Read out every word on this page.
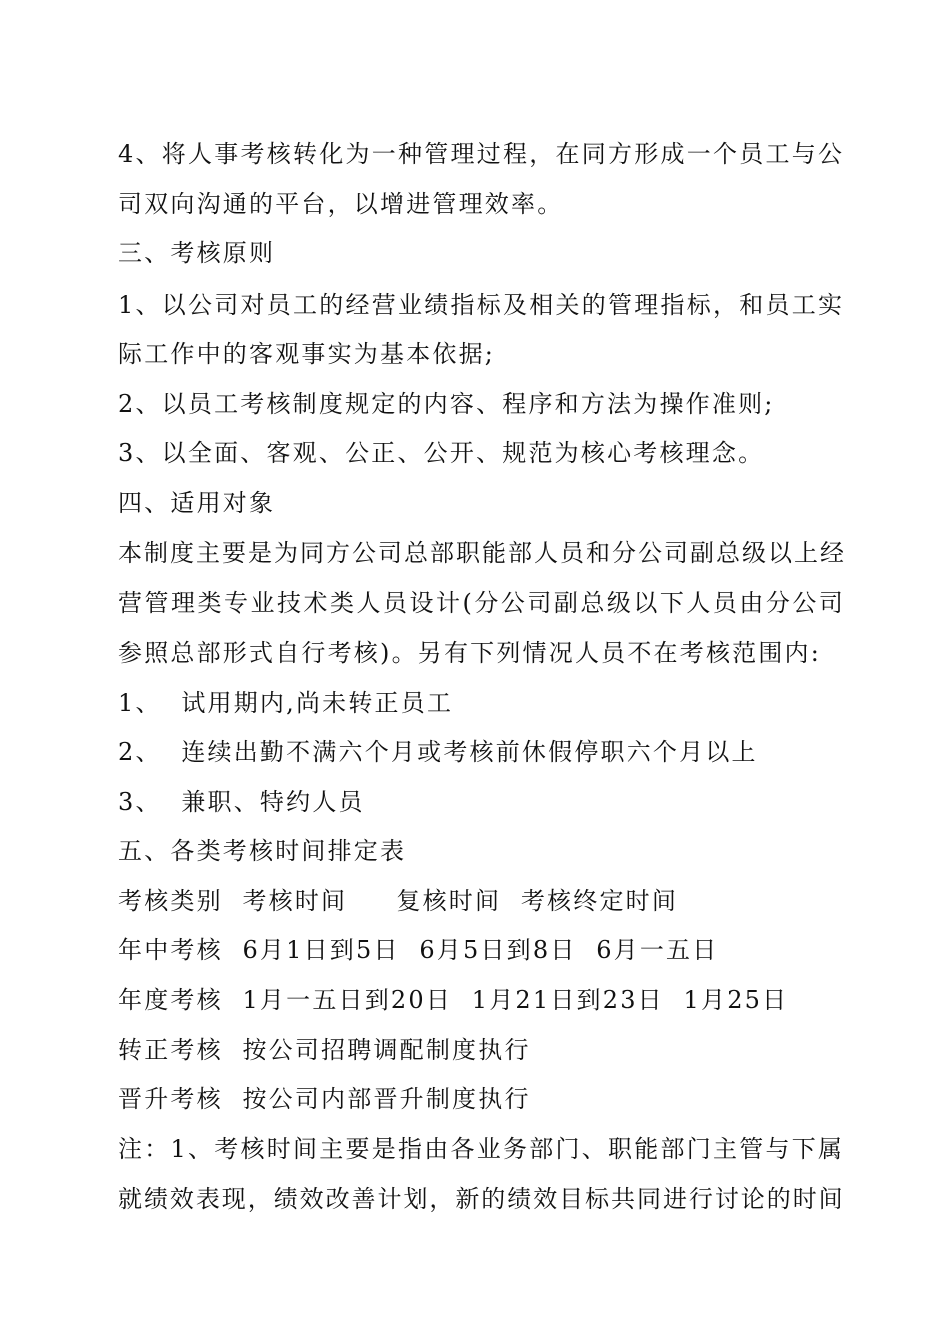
4、将人事考核转化为一种管理过程，在同方形成一个员工与公
司双向沟通的平台，以增进管理效率。
三、考核原则
1、以公司对员工的经营业绩指标及相关的管理指标，和员工实
际工作中的客观事实为基本依据;
2、以员工考核制度规定的内容、程序和方法为操作准则;
3、以全面、客观、公正、公开、规范为核心考核理念。
四、适用对象
本制度主要是为同方公司总部职能部人员和分公司副总级以上经
营管理类专业技术类人员设计(分公司副总级以下人员由分公司
参照总部形式自行考核)。另有下列情况人员不在考核范围内:
1、  试用期内,尚未转正员工
2、  连续出勤不满六个月或考核前休假停职六个月以上
3、  兼职、特约人员
五、各类考核时间排定表
考核类别  考核时间     复核时间  考核终定时间
年中考核  6月1日到5日  6月5日到8日  6月一五日
年度考核  1月一五日到20日  1月21日到23日  1月25日
转正考核  按公司招聘调配制度执行
晋升考核  按公司内部晋升制度执行
注：1、考核时间主要是指由各业务部门、职能部门主管与下属
就绩效表现，绩效改善计划，新的绩效目标共同进行讨论的时间
